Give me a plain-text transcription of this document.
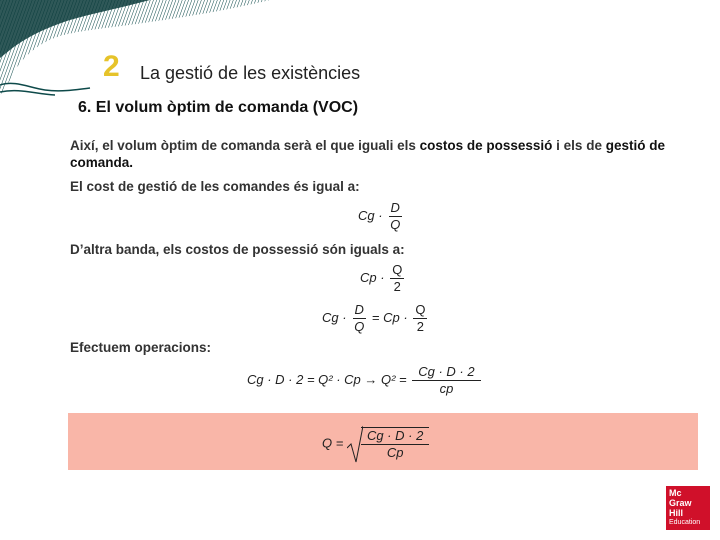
2 La gestió de les existències
6. El volum òptim de comanda (VOC)
Així, el volum òptim de comanda serà el que iguali els costos de possessió i els de gestió de comanda.
El cost de gestió de les comandes és igual a:
$Cg \cdot \frac{D}{Q}$
D’altra banda, els costos de possessió són iguals a:
$Cp \cdot \frac{Q}{2}$
$Cg \cdot \frac{D}{Q} = Cp \cdot \frac{Q}{2}$
Efectuem operacions:
$Cg \cdot D \cdot 2 = Q^2 \cdot Cp \to Q^2 = \frac{Cg \cdot D \cdot 2}{cp}$
$Q = \frac{Cg \cdot D \cdot 2}{Cp}$
Mc
Graw
Hill
Education
